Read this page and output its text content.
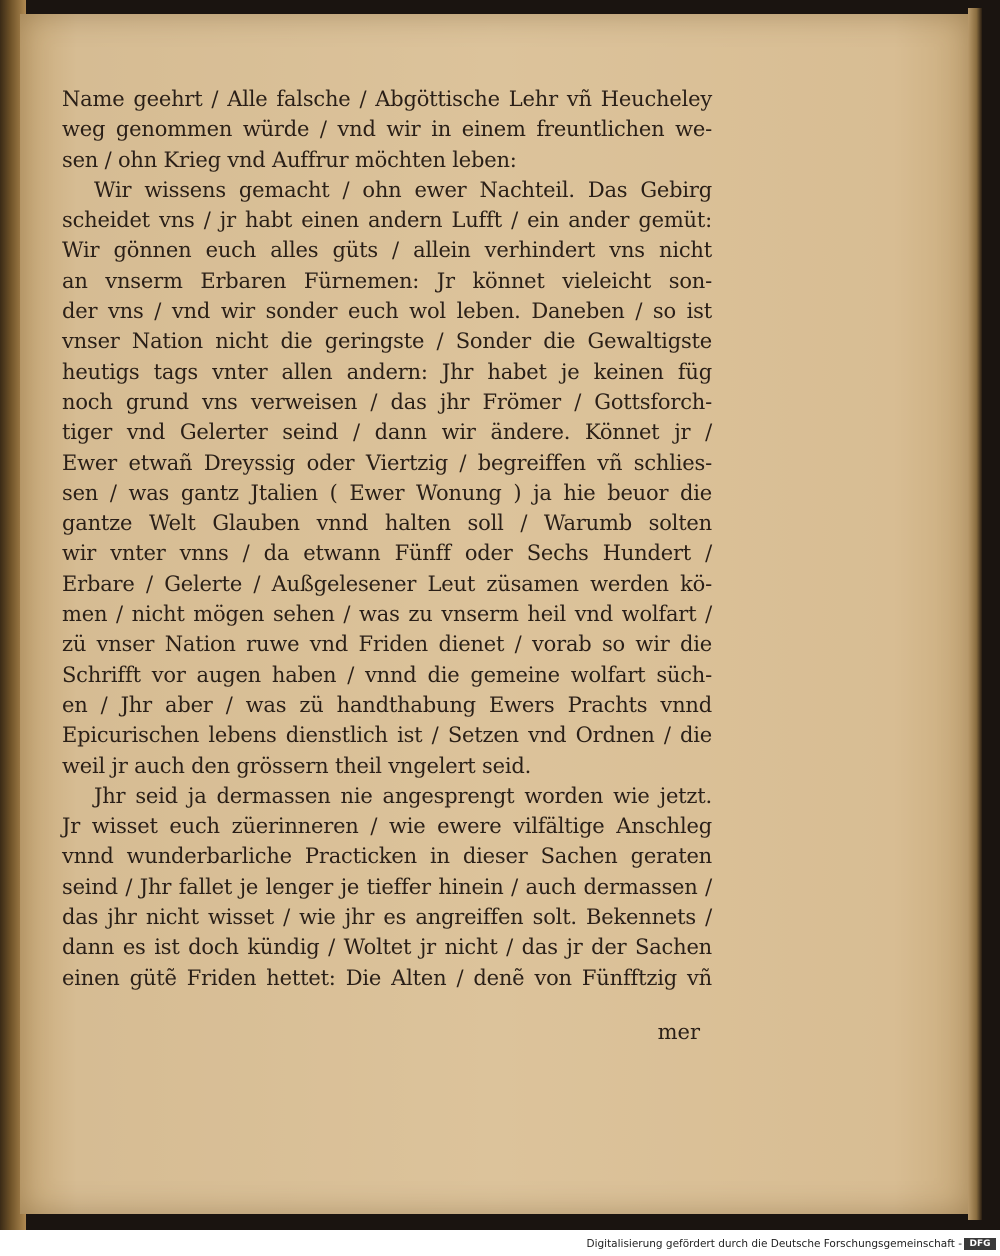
Name geehrt / Alle falsche / Abgöttische Lehr vñ Heucheley
weg genommen würde / vnd wir in einem freuntlichen we-
sen / ohn Krieg vnd Auffrur möchten leben:
Wir wissens gemacht / ohn ewer Nachteil. Das Gebirg
scheidet vns / jr habt einen andern Lufft / ein ander gemüt:
Wir gönnen euch alles güts / allein verhindert vns nicht
an vnserm Erbaren Fürnemen: Jr könnet vieleicht son-
der vns / vnd wir sonder euch wol leben. Daneben / so ist
vnser Nation nicht die geringste / Sonder die Gewaltigste
heutigs tags vnter allen andern: Jhr habet je keinen füg
noch grund vns verweisen / das jhr Frömer / Gottsforch-
tiger vnd Gelerter seind / dann wir ändere. Könnet jr /
Ewer etwañ Dreyssig oder Viertzig / begreiffen vñ schlies-
sen / was gantz Jtalien ( Ewer Wonung ) ja hie beuor die
gantze Welt Glauben vnnd halten soll / Warumb solten
wir vnter vnns / da etwann Fünff oder Sechs Hundert /
Erbare / Gelerte / Außgelesener Leut züsamen werden kö-
men / nicht mögen sehen / was zu vnserm heil vnd wolfart /
zü vnser Nation ruwe vnd Friden dienet / vorab so wir die
Schrifft vor augen haben / vnnd die gemeine wolfart süch-
en / Jhr aber / was zü handthabung Ewers Prachts vnnd
Epicurischen lebens dienstlich ist / Setzen vnd Ordnen / die
weil jr auch den grössern theil vngelert seid.
Jhr seid ja dermassen nie angesprengt worden wie jetzt.
Jr wisset euch züerinneren / wie ewere vilfältige Anschleg
vnnd wunderbarliche Practicken in dieser Sachen geraten
seind / Jhr fallet je lenger je tieffer hinein / auch dermassen /
das jhr nicht wisset / wie jhr es angreiffen solt. Bekennets /
dann es ist doch kündig / Woltet jr nicht / das jr der Sachen
einen gütẽ Friden hettet: Die Alten / denẽ von Fünfftzig vñ
mer
Digitalisierung gefördert durch die Deutsche Forschungsgemeinschaft - DFG
